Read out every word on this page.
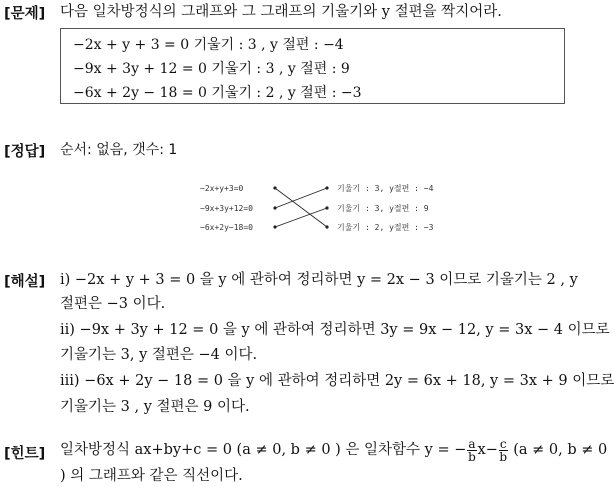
[문제] 다음 일차방정식의 그래프와 그 그래프의 기울기와 y 절편을 짝지어라.
−2x + y + 3 = 0 기울기 : 3 , y 절편 : −4
−9x + 3y + 12 = 0 기울기 : 3 , y 절편 : 9
−6x + 2y − 18 = 0 기울기 : 2 , y 절편 : −3
[정답] 순서: 없음, 갯수: 1
−2x+y+3=0
−9x+3y+12=0
−6x+2y−18=0
기울기 : 3, y절편 : −4
기울기 : 3, y절편 : 9
기울기 : 2, y절편 : −3
[해설] ⅰ) −2x + y + 3 = 0 을 y 에 관하여 정리하면 y = 2x − 3 이므로 기울기는 2 , y
절편은 −3 이다.
ⅱ) −9x + 3y + 12 = 0 을 y 에 관하여 정리하면 3y = 9x − 12, y = 3x − 4 이므로
기울기는 3, y 절편은 −4 이다.
ⅲ) −6x + 2y − 18 = 0 을 y 에 관하여 정리하면 2y = 6x + 18, y = 3x + 9 이므로
기울기는 3 , y 절편은 9 이다.
[힌트] 일차방정식 ax+by+c = 0 (a ≠ 0, b ≠ 0 ) 은 일차함수 y = − $\frac{a}{b} x- \frac{c}{b} (a \ne 0$, b ≠ 0
) 의 그래프와 같은 직선이다.
